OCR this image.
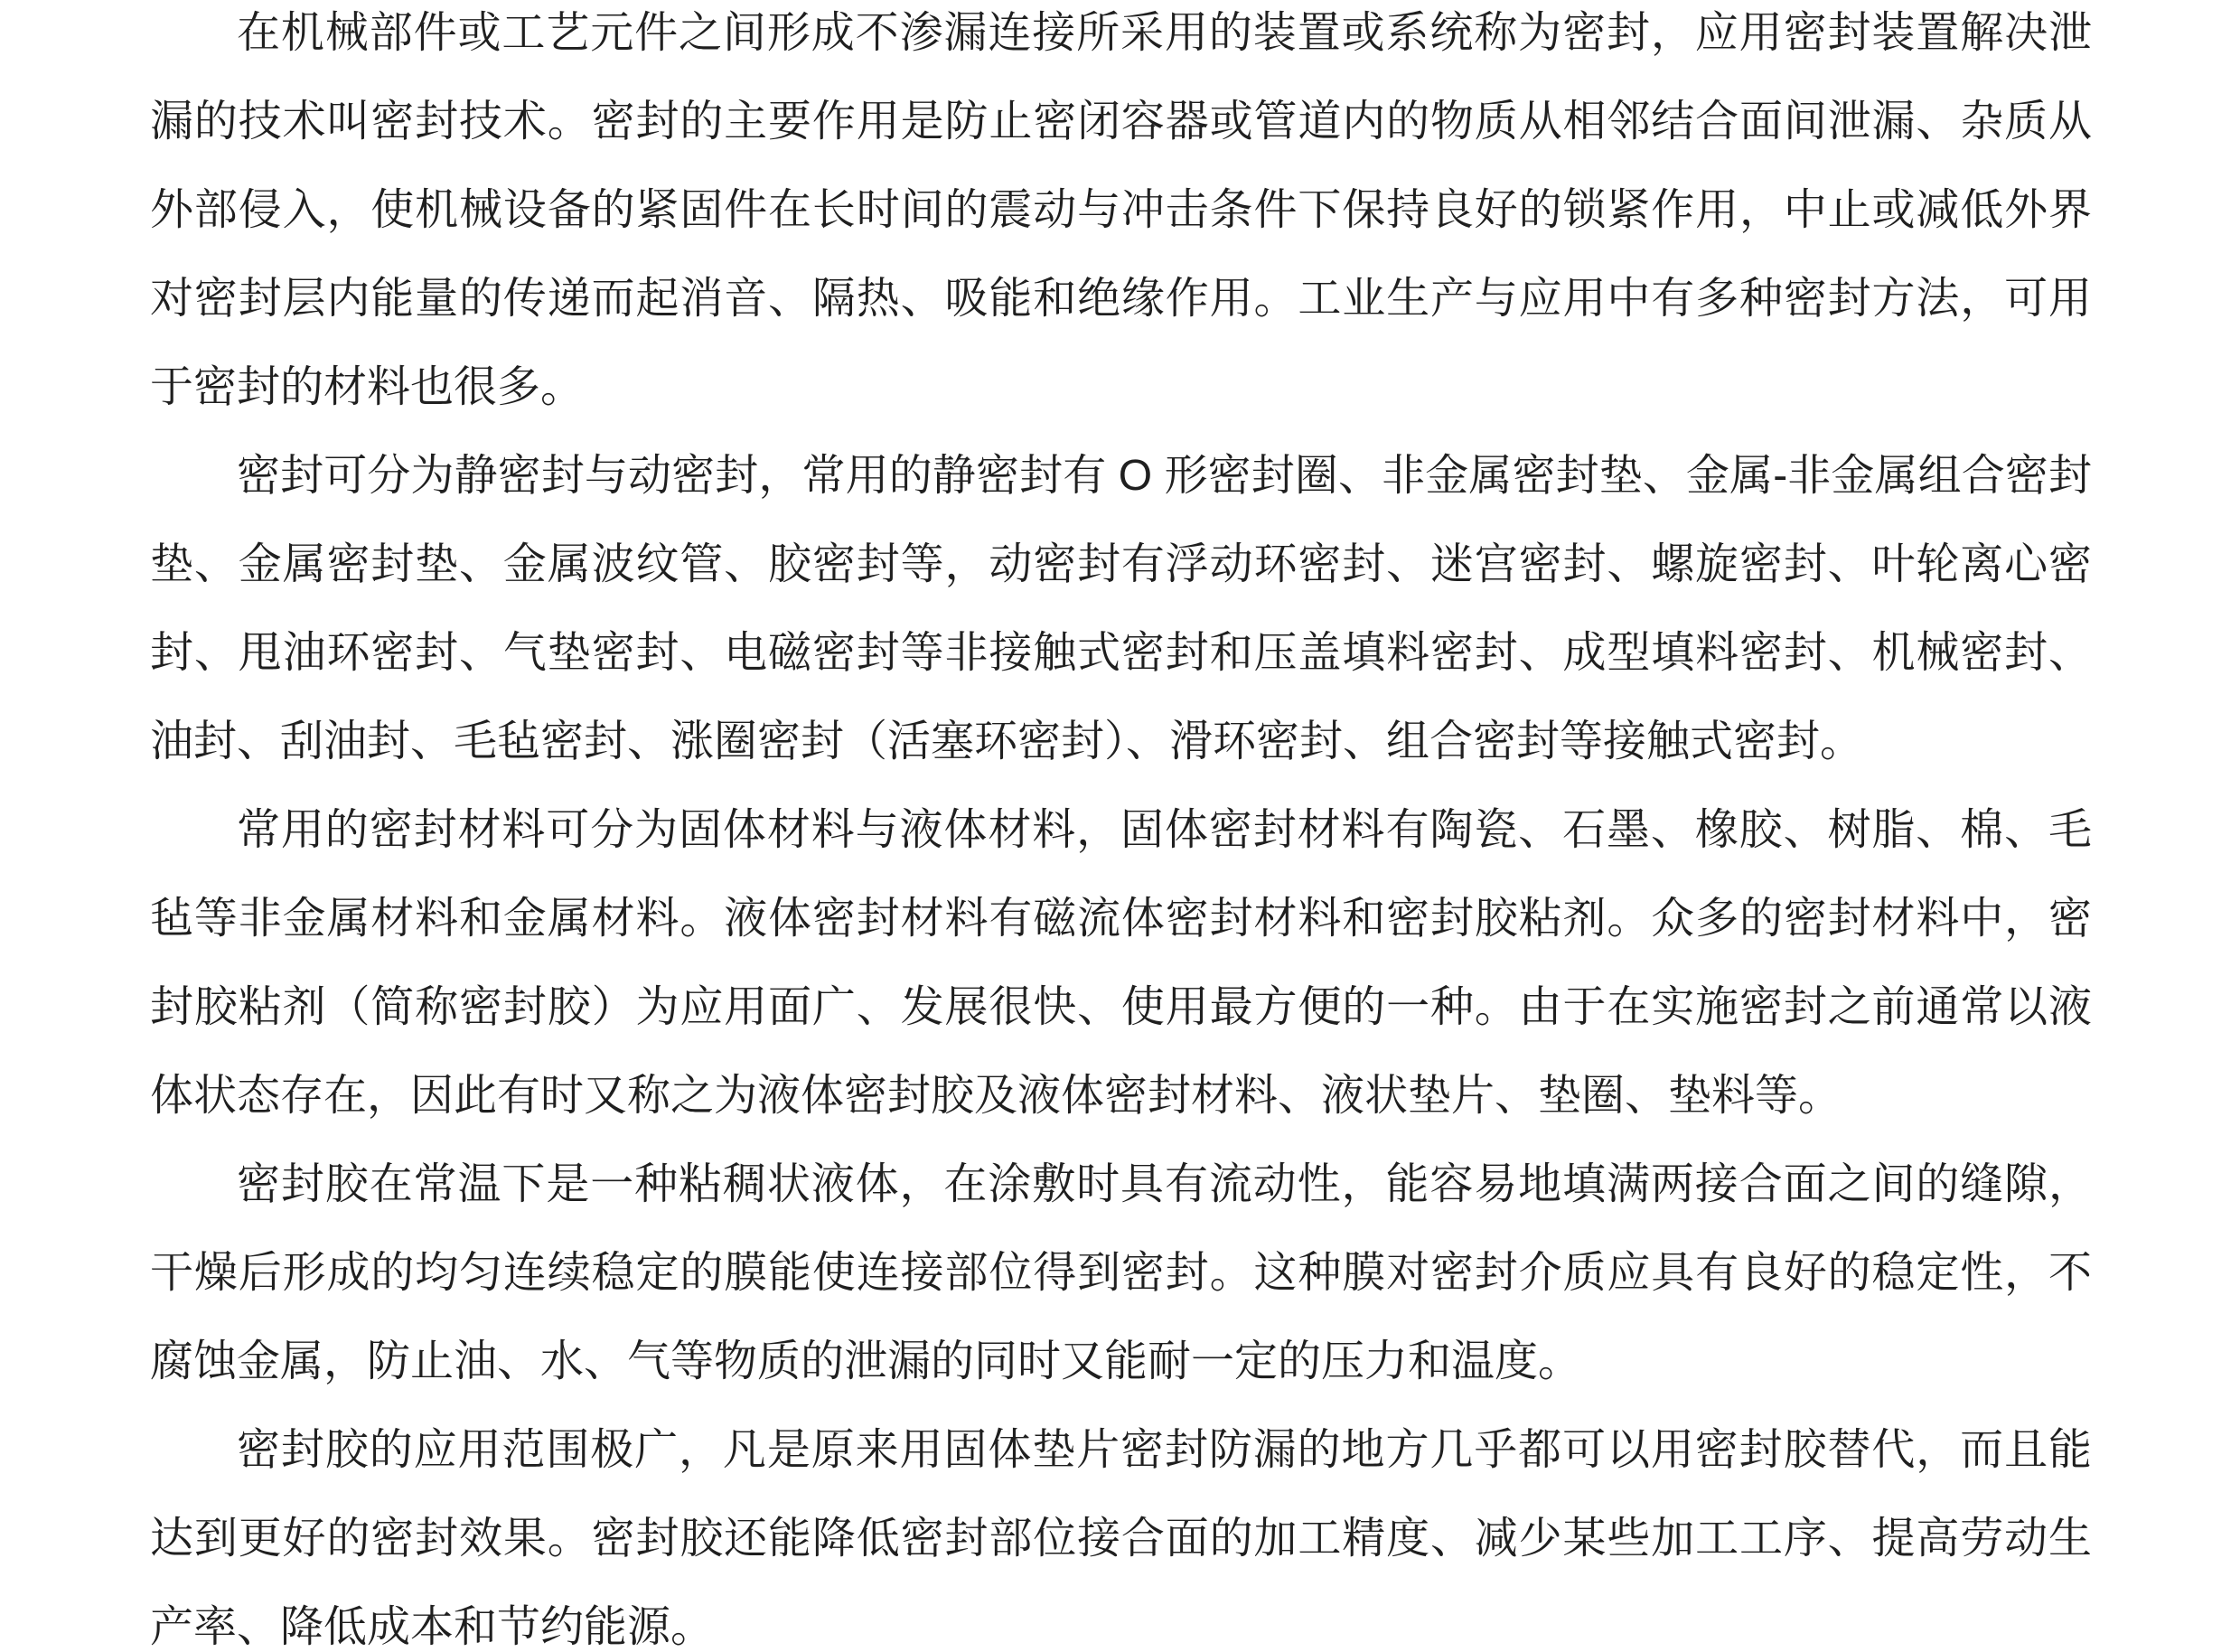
在机械部件或工艺元件之间形成不渗漏连接所采用的装置或系统称为密封，应用密封装置解决泄漏的技术叫密封技术。密封的主要作用是防止密闭容器或管道内的物质从相邻结合面间泄漏、杂质从外部侵入，使机械设备的紧固件在长时间的震动与冲击条件下保持良好的锁紧作用，中止或减低外界对密封层内能量的传递而起消音、隔热、吸能和绝缘作用。工业生产与应用中有多种密封方法，可用于密封的材料也很多。

密封可分为静密封与动密封，常用的静密封有 O 形密封圈、非金属密封垫、金属-非金属组合密封垫、金属密封垫、金属波纹管、胶密封等，动密封有浮动环密封、迷宫密封、螺旋密封、叶轮离心密封、甩油环密封、气垫密封、电磁密封等非接触式密封和压盖填料密封、成型填料密封、机械密封、油封、刮油封、毛毡密封、涨圈密封（活塞环密封）、滑环密封、组合密封等接触式密封。

常用的密封材料可分为固体材料与液体材料，固体密封材料有陶瓷、石墨、橡胶、树脂、棉、毛毡等非金属材料和金属材料。液体密封材料有磁流体密封材料和密封胶粘剂。众多的密封材料中，密封胶粘剂（简称密封胶）为应用面广、发展很快、使用最方便的一种。由于在实施密封之前通常以液体状态存在，因此有时又称之为液体密封胶及液体密封材料、液状垫片、垫圈、垫料等。

密封胶在常温下是一种粘稠状液体，在涂敷时具有流动性，能容易地填满两接合面之间的缝隙，干燥后形成的均匀连续稳定的膜能使连接部位得到密封。这种膜对密封介质应具有良好的稳定性，不腐蚀金属，防止油、水、气等物质的泄漏的同时又能耐一定的压力和温度。

密封胶的应用范围极广，凡是原来用固体垫片密封防漏的地方几乎都可以用密封胶替代，而且能达到更好的密封效果。密封胶还能降低密封部位接合面的加工精度、减少某些加工工序、提高劳动生产率、降低成本和节约能源。
